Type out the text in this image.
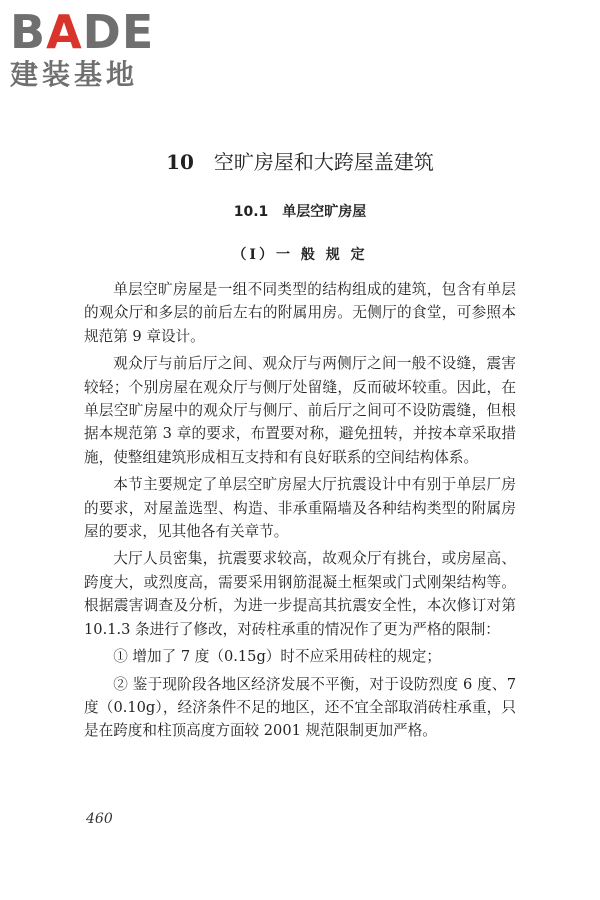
BADE
建装基地
10 空旷房屋和大跨屋盖建筑
10.1 单层空旷房屋
（Ⅰ）一 般 规 定

单层空旷房屋是一组不同类型的结构组成的建筑，包含有单层的观众厅和多层的前后左右的附属用房。无侧厅的食堂，可参照本规范第 9 章设计。

观众厅与前后厅之间、观众厅与两侧厅之间一般不设缝，震害较轻；个别房屋在观众厅与侧厅处留缝，反而破坏较重。因此，在单层空旷房屋中的观众厅与侧厅、前后厅之间可不设防震缝，但根据本规范第 3 章的要求，布置要对称，避免扭转，并按本章采取措施，使整组建筑形成相互支持和有良好联系的空间结构体系。

本节主要规定了单层空旷房屋大厅抗震设计中有别于单层厂房的要求，对屋盖选型、构造、非承重隔墙及各种结构类型的附属房屋的要求，见其他各有关章节。

大厅人员密集，抗震要求较高，故观众厅有挑台，或房屋高、跨度大，或烈度高，需要采用钢筋混凝土框架或门式刚架结构等。根据震害调查及分析，为进一步提高其抗震安全性，本次修订对第 10.1.3 条进行了修改，对砖柱承重的情况作了更为严格的限制：

① 增加了 7 度（0.15g）时不应采用砖柱的规定；

② 鉴于现阶段各地区经济发展不平衡，对于设防烈度 6 度、7 度（0.10g），经济条件不足的地区，还不宜全部取消砖柱承重，只是在跨度和柱顶高度方面较 2001 规范限制更加严格。

460
